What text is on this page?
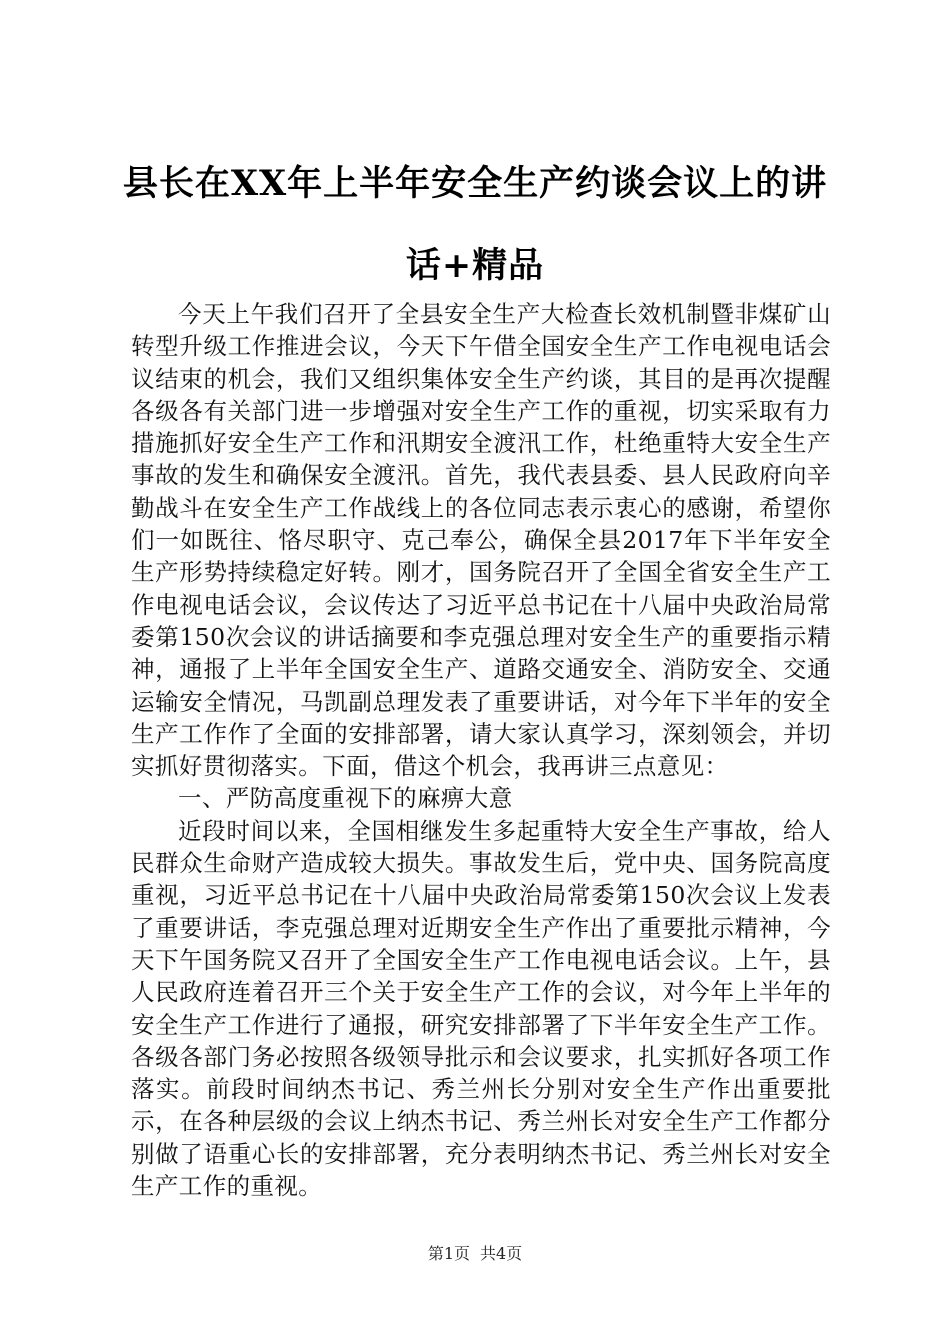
县长在XX年上半年安全生产约谈会议上的讲
话+精品

今天上午我们召开了全县安全生产大检查长效机制暨非煤矿山转型升级工作推进会议，今天下午借全国安全生产工作电视电话会议结束的机会，我们又组织集体安全生产约谈，其目的是再次提醒各级各有关部门进一步增强对安全生产工作的重视，切实采取有力措施抓好安全生产工作和汛期安全渡汛工作，杜绝重特大安全生产事故的发生和确保安全渡汛。首先，我代表县委、县人民政府向辛勤战斗在安全生产工作战线上的各位同志表示衷心的感谢，希望你们一如既往、恪尽职守、克己奉公，确保全县2017年下半年安全生产形势持续稳定好转。刚才，国务院召开了全国全省安全生产工作电视电话会议，会议传达了习近平总书记在十八届中央政治局常委第150次会议的讲话摘要和李克强总理对安全生产的重要指示精神，通报了上半年全国安全生产、道路交通安全、消防安全、交通运输安全情况，马凯副总理发表了重要讲话，对今年下半年的安全生产工作作了全面的安排部署，请大家认真学习，深刻领会，并切实抓好贯彻落实。下面，借这个机会，我再讲三点意见：

一、严防高度重视下的麻痹大意

近段时间以来，全国相继发生多起重特大安全生产事故，给人民群众生命财产造成较大损失。事故发生后，党中央、国务院高度重视，习近平总书记在十八届中央政治局常委第150次会议上发表了重要讲话，李克强总理对近期安全生产作出了重要批示精神，今天下午国务院又召开了全国安全生产工作电视电话会议。上午，县人民政府连着召开三个关于安全生产工作的会议，对今年上半年的安全生产工作进行了通报，研究安排部署了下半年安全生产工作。各级各部门务必按照各级领导批示和会议要求，扎实抓好各项工作落实。前段时间纳杰书记、秀兰州长分别对安全生产作出重要批示，在各种层级的会议上纳杰书记、秀兰州长对安全生产工作都分别做了语重心长的安排部署，充分表明纳杰书记、秀兰州长对安全生产工作的重视。

第1页 共4页
